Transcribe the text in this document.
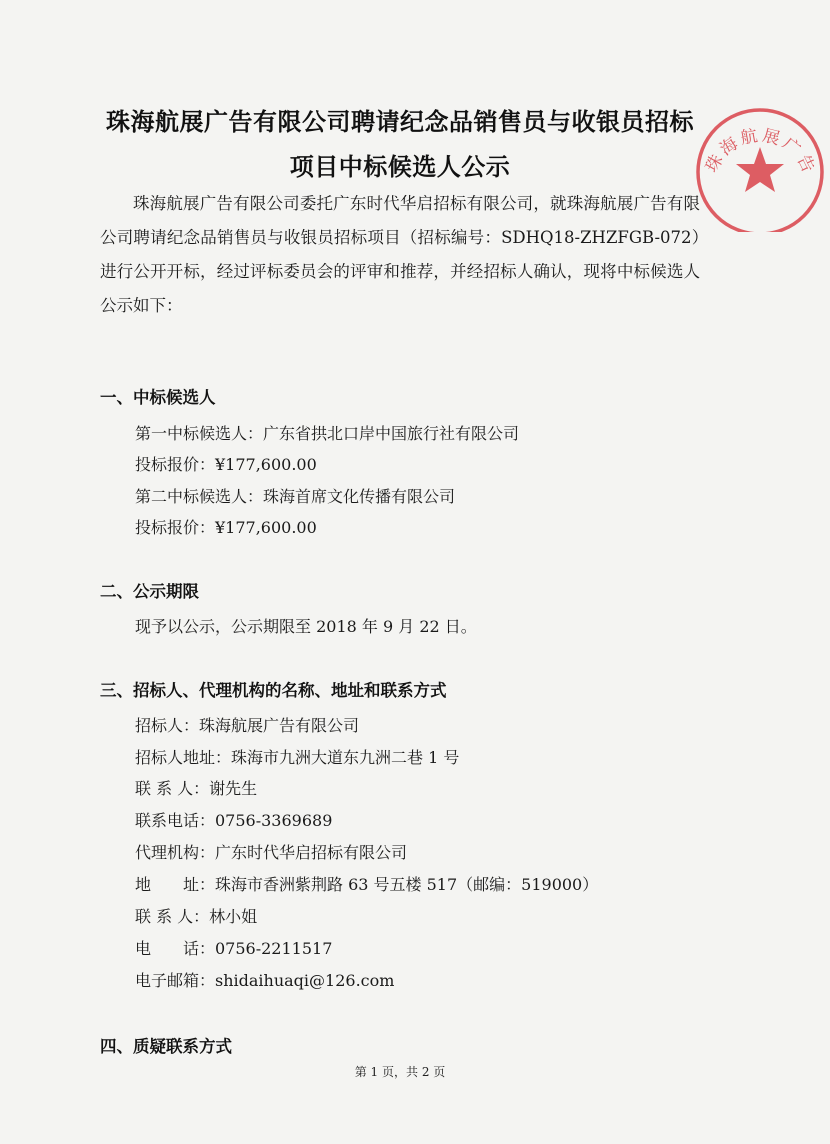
珠海航展广告有限公司聘请纪念品销售员与收银员招标
项目中标候选人公示	珠海航展广告

珠海航展广告有限公司委托广东时代华启招标有限公司，就珠海航展广告有限公司聘请纪念品销售员与收银员招标项目（招标编号：SDHQ18-ZHZFGB-072）进行公开开标，经过评标委员会的评审和推荐，并经招标人确认，现将中标候选人公示如下：

一、中标候选人
第一中标候选人：广东省拱北口岸中国旅行社有限公司
投标报价：¥177,600.00
第二中标候选人：珠海首席文化传播有限公司
投标报价：¥177,600.00
二、公示期限
现予以公示，公示期限至 2018 年 9 月 22 日。
三、招标人、代理机构的名称、地址和联系方式
招标人：珠海航展广告有限公司
招标人地址：珠海市九洲大道东九洲二巷 1 号
联 系 人：谢先生
联系电话：0756-3369689
代理机构：广东时代华启招标有限公司
地　　址：珠海市香洲紫荆路 63 号五楼 517（邮编：519000）
联 系 人：林小姐
电　　话：0756-2211517
电子邮箱：shidaihuaqi@126.com
四、质疑联系方式
第 1 页，共 2 页
